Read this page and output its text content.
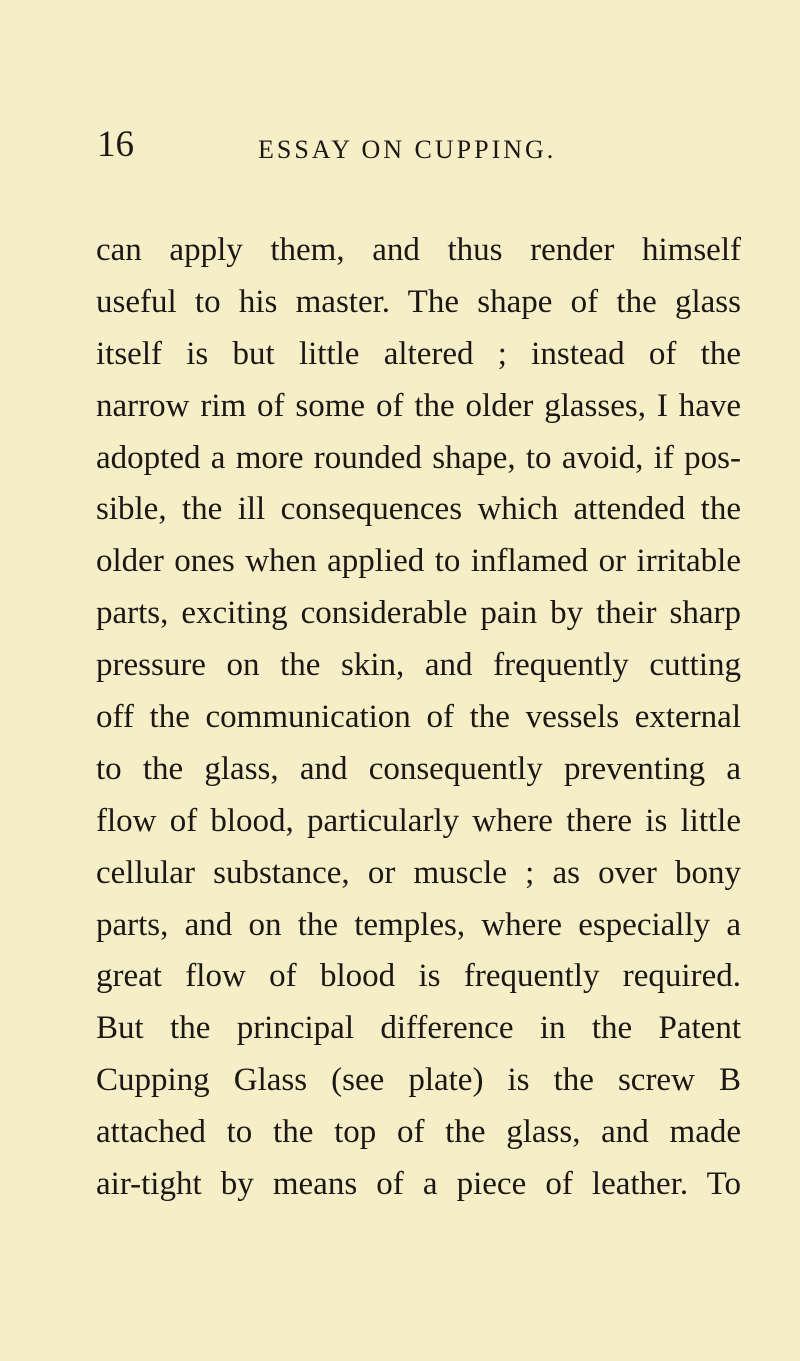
16	ESSAY ON CUPPING.
can apply them, and thus render himself
useful to his master. The shape of the glass
itself is but little altered ; instead of the
narrow rim of some of the older glasses, I have
adopted a more rounded shape, to avoid, if pos-
sible, the ill consequences which attended the
older ones when applied to inflamed or irritable
parts, exciting considerable pain by their sharp
pressure on the skin, and frequently cutting
off the communication of the vessels external
to the glass, and consequently preventing a
flow of blood, particularly where there is little
cellular substance, or muscle ; as over bony
parts, and on the temples, where especially a
great flow of blood is frequently required.
But the principal difference in the Patent
Cupping Glass (see plate) is the screw B
attached to the top of the glass, and made
air-tight by means of a piece of leather. To
